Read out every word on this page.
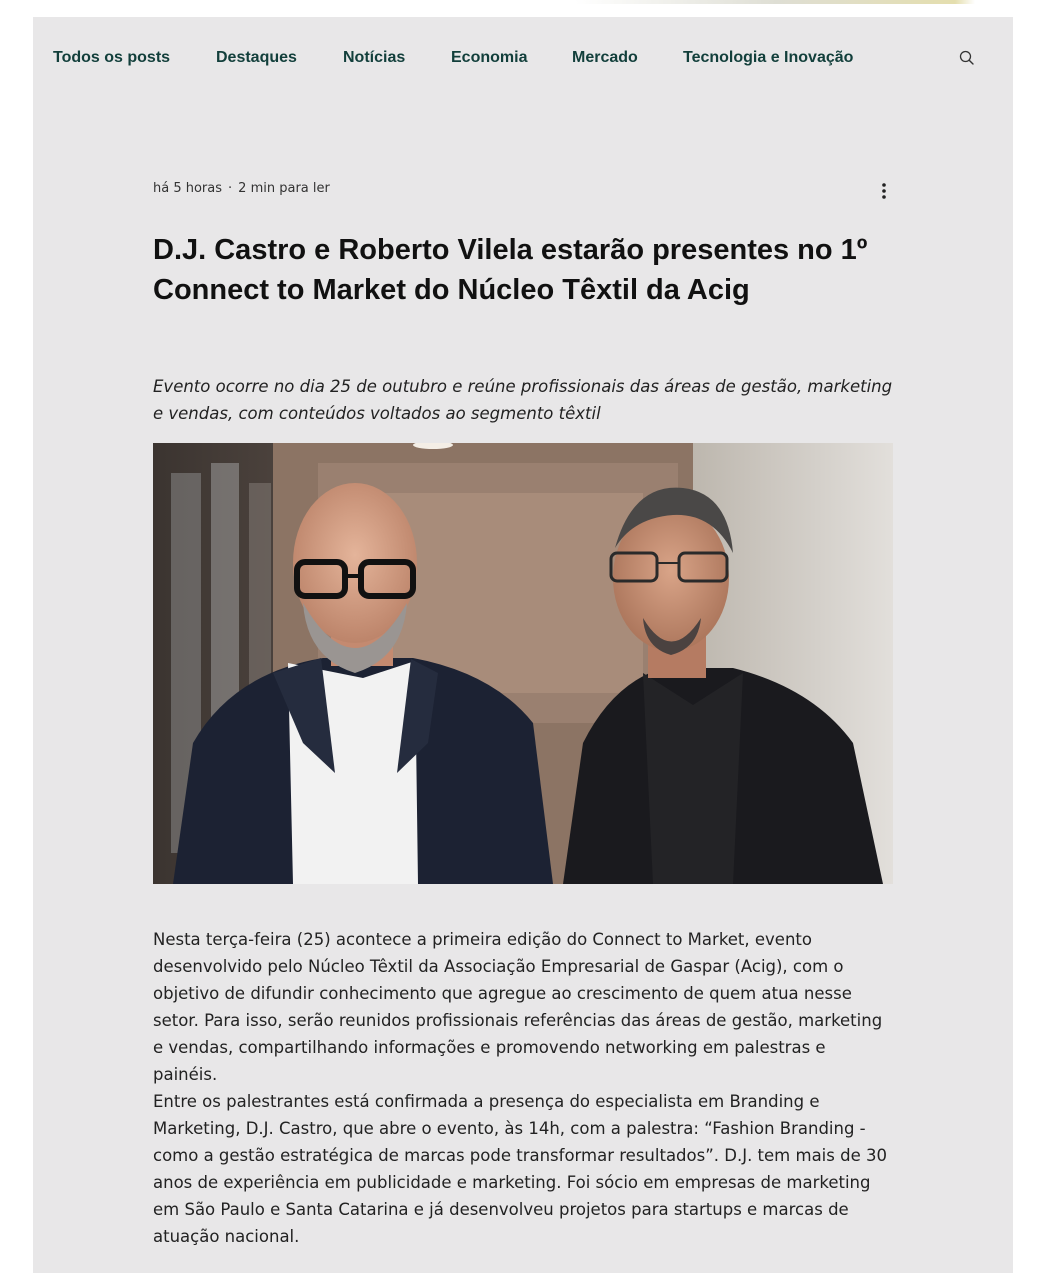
Todos os posts	Destaques	Notícias	Economia	Mercado	Tecnologia e Inovação
há 5 horas · 2 min para ler
D.J. Castro e Roberto Vilela estarão presentes no 1º Connect to Market do Núcleo Têxtil da Acig

Evento ocorre no dia 25 de outubro e reúne profissionais das áreas de gestão, marketing e vendas, com conteúdos voltados ao segmento têxtil

Nesta terça-feira (25) acontece a primeira edição do Connect to Market, evento desenvolvido pelo Núcleo Têxtil da Associação Empresarial de Gaspar (Acig), com o objetivo de difundir conhecimento que agregue ao crescimento de quem atua nesse setor. Para isso, serão reunidos profissionais referências das áreas de gestão, marketing e vendas, compartilhando informações e promovendo networking em palestras e painéis.

Entre os palestrantes está confirmada a presença do especialista em Branding e Marketing, D.J. Castro, que abre o evento, às 14h, com a palestra: “Fashion Branding - como a gestão estratégica de marcas pode transformar resultados”. D.J. tem mais de 30 anos de experiência em publicidade e marketing. Foi sócio em empresas de marketing em São Paulo e Santa Catarina e já desenvolveu projetos para startups e marcas de atuação nacional.
